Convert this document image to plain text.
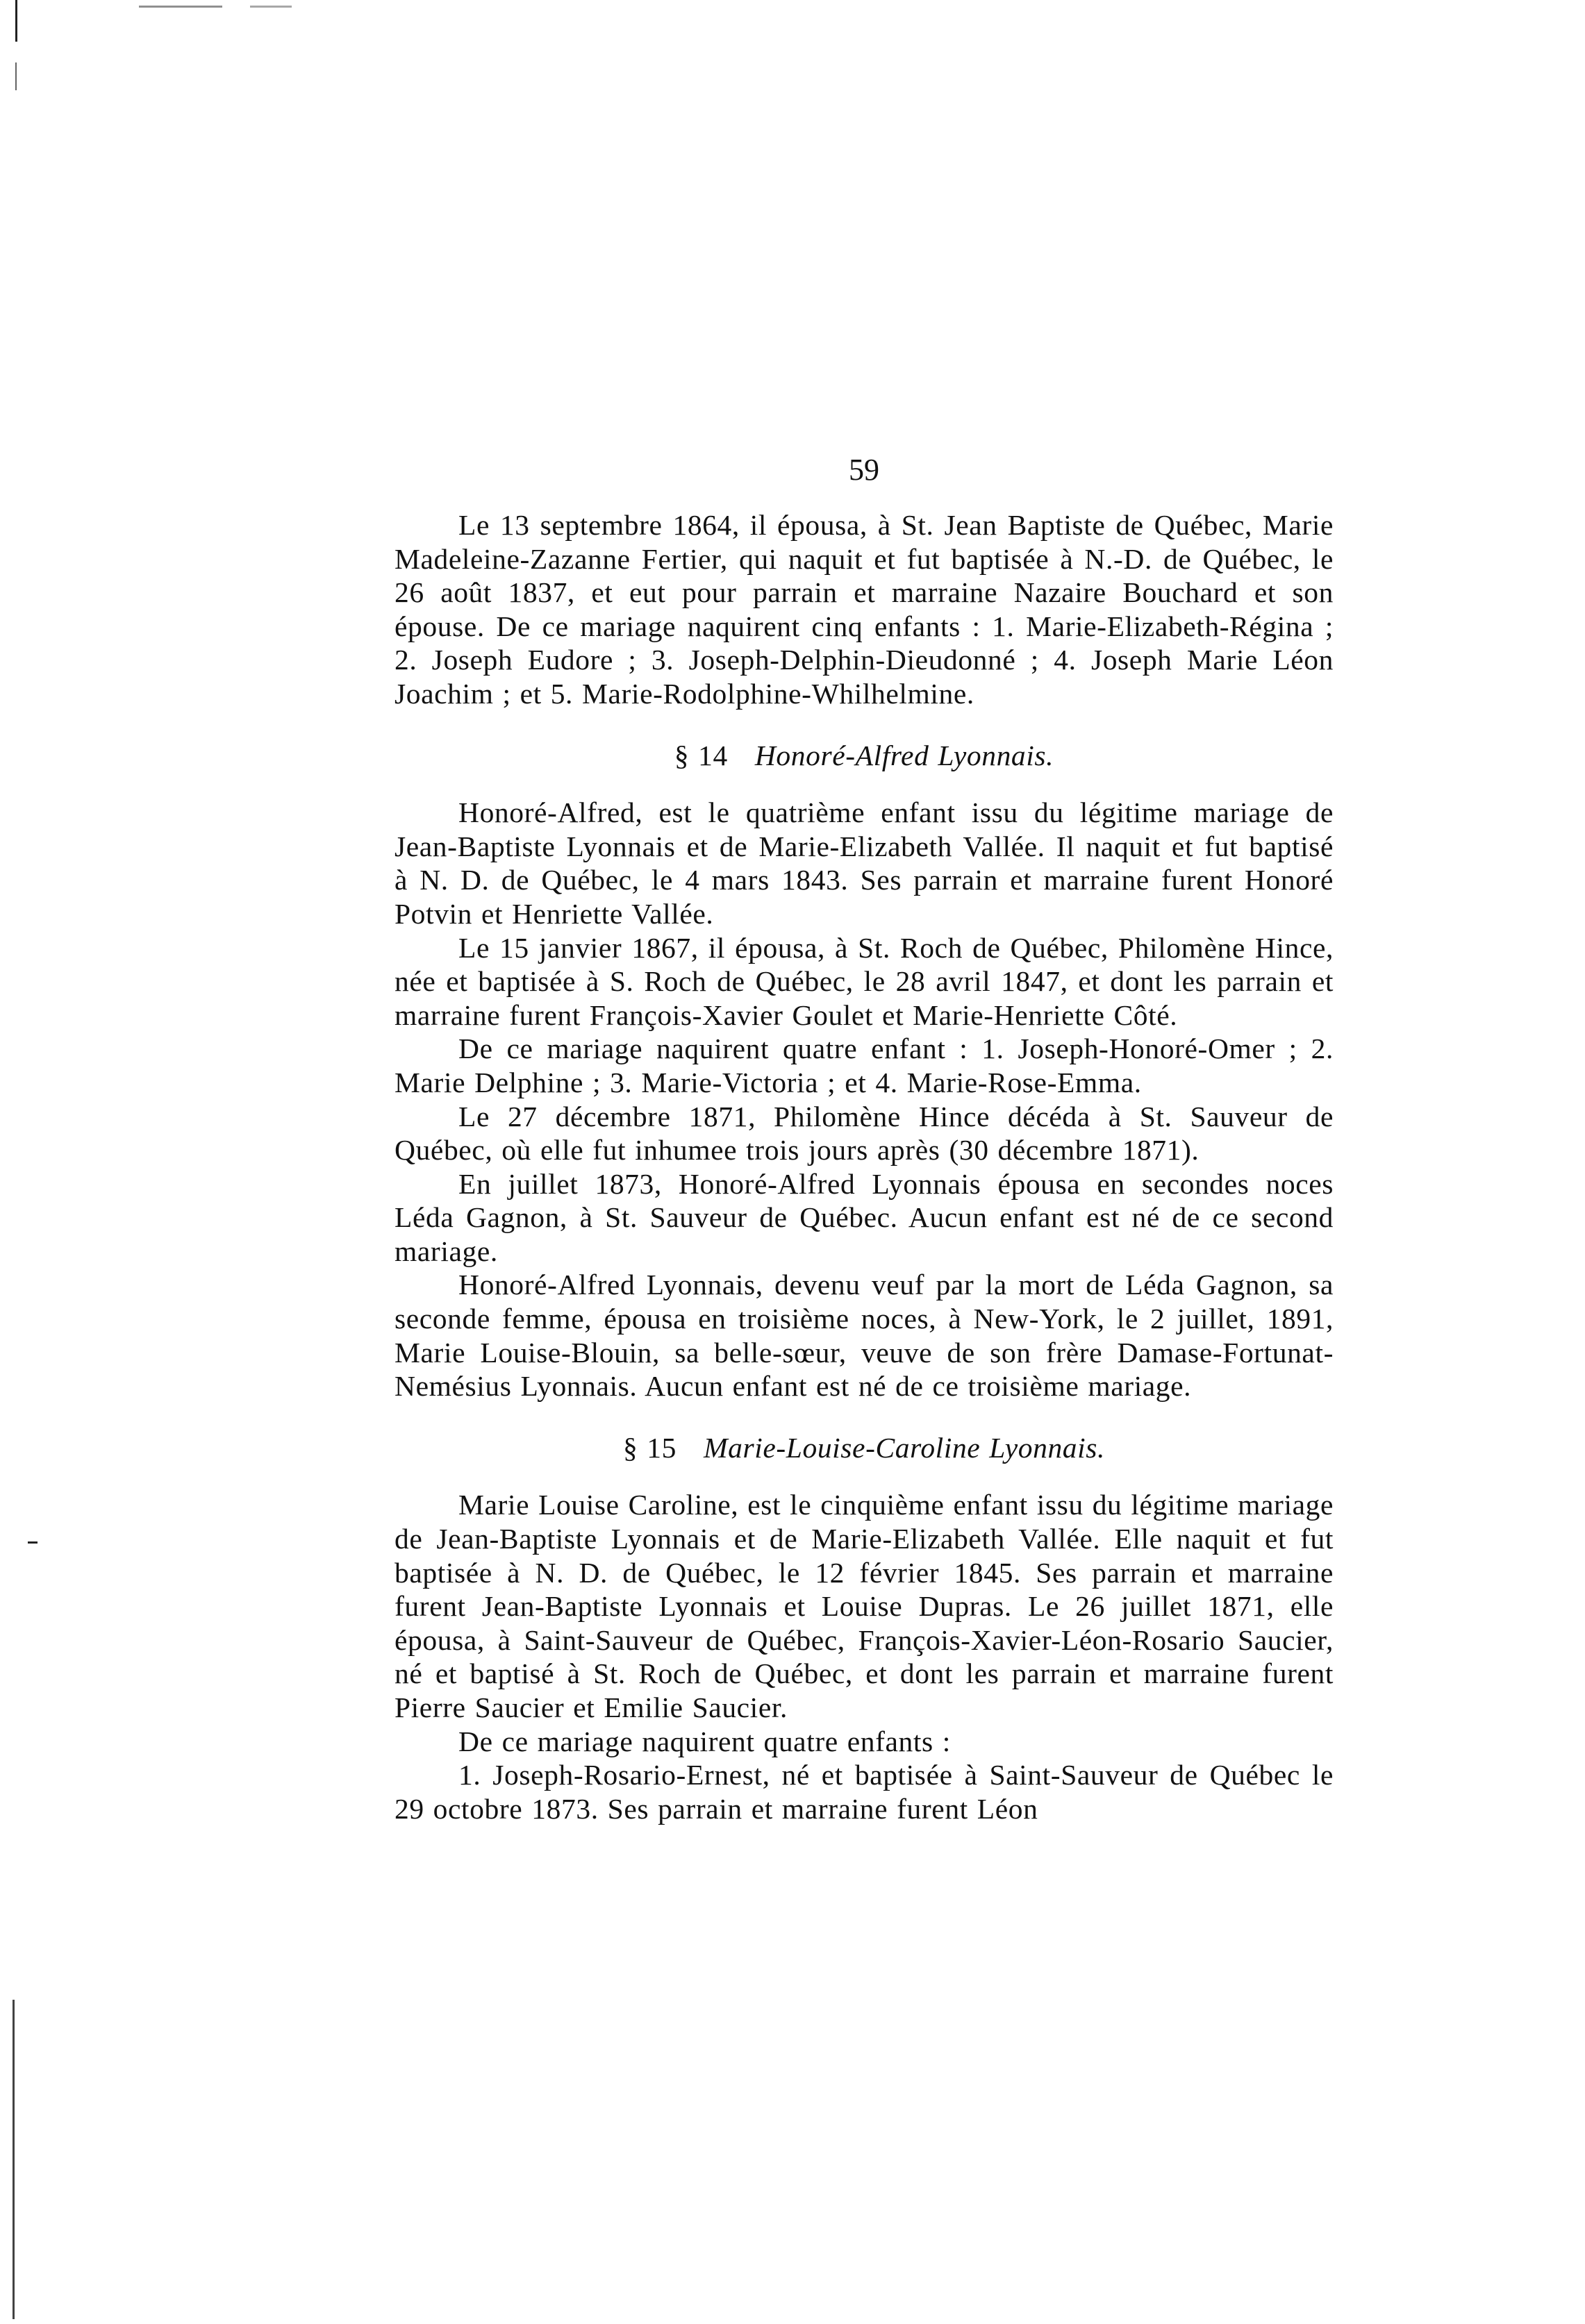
59

Le 13 septembre 1864, il épousa, à St. Jean Baptiste de Québec, Marie Madeleine-Zazanne Fertier, qui naquit et fut baptisée à N.-D. de Québec, le 26 août 1837, et eut pour parrain et marraine Nazaire Bouchard et son épouse. De ce mariage naquirent cinq enfants : 1. Marie-Elizabeth-Régina ; 2. Joseph Eudore ; 3. Joseph-Delphin-Dieudonné ; 4. Joseph Marie Léon Joachim ; et 5. Marie-Rodolphine-Whilhelmine.

§ 14 Honoré-Alfred Lyonnais.

Honoré-Alfred, est le quatrième enfant issu du légitime mariage de Jean-Baptiste Lyonnais et de Marie-Elizabeth Vallée. Il naquit et fut baptisé à N. D. de Québec, le 4 mars 1843. Ses parrain et marraine furent Honoré Potvin et Henriette Vallée.

Le 15 janvier 1867, il épousa, à St. Roch de Québec, Philomène Hince, née et baptisée à S. Roch de Québec, le 28 avril 1847, et dont les parrain et marraine furent François-Xavier Goulet et Marie-Henriette Côté.

De ce mariage naquirent quatre enfant : 1. Joseph-Honoré-Omer ; 2. Marie Delphine ; 3. Marie-Victoria ; et 4. Marie-Rose-Emma.

Le 27 décembre 1871, Philomène Hince décéda à St. Sauveur de Québec, où elle fut inhumee trois jours après (30 décembre 1871).

En juillet 1873, Honoré-Alfred Lyonnais épousa en secondes noces Léda Gagnon, à St. Sauveur de Québec. Aucun enfant est né de ce second mariage.

Honoré-Alfred Lyonnais, devenu veuf par la mort de Léda Gagnon, sa seconde femme, épousa en troisième noces, à New-York, le 2 juillet, 1891, Marie Louise-Blouin, sa belle-sœur, veuve de son frère Damase-Fortunat-Nemésius Lyonnais. Aucun enfant est né de ce troisième mariage.

§ 15 Marie-Louise-Caroline Lyonnais.

Marie Louise Caroline, est le cinquième enfant issu du légitime mariage de Jean-Baptiste Lyonnais et de Marie-Elizabeth Vallée. Elle naquit et fut baptisée à N. D. de Québec, le 12 février 1845. Ses parrain et marraine furent Jean-Baptiste Lyonnais et Louise Dupras. Le 26 juillet 1871, elle épousa, à Saint-Sauveur de Québec, François-Xavier-Léon-Rosario Saucier, né et baptisé à St. Roch de Québec, et dont les parrain et marraine furent Pierre Saucier et Emilie Saucier.

De ce mariage naquirent quatre enfants :

1. Joseph-Rosario-Ernest, né et baptisée à Saint-Sauveur de Québec le 29 octobre 1873. Ses parrain et marraine furent Léon
